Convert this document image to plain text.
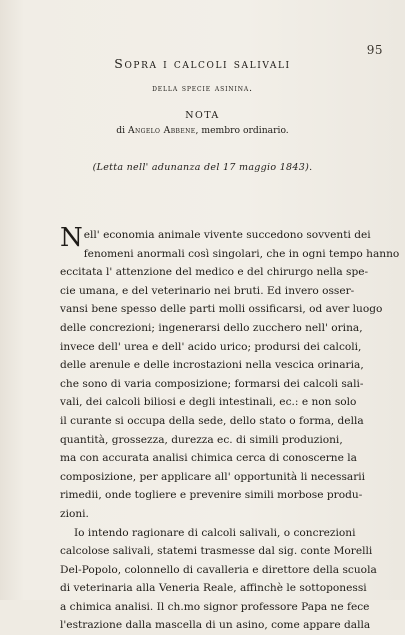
95
Sopra i calcoli salivali
della specie asinina.
NOTA
di Angelo Abbene, membro ordinario.
(Letta nell' adunanza del 17 maggio 1843).
N ell' economia animale vivente succedono sovventi dei
fenomeni anormali così singolari, che in ogni tempo hanno
eccitata l' attenzione del medico e del chirurgo nella spe-
cie umana, e del veterinario nei bruti. Ed invero osser-
vansi bene spesso delle parti molli ossificarsi, od aver luogo
delle concrezioni; ingenerarsi dello zucchero nell' orina,
invece dell' urea e dell' acido urico; prodursi dei calcoli,
delle arenule e delle incrostazioni nella vescica orinaria,
che sono di varia composizione; formarsi dei calcoli sali-
vali, dei calcoli biliosi e degli intestinali, ec.: e non solo
il curante si occupa della sede, dello stato o forma, della
quantità, grossezza, durezza ec. di simili produzioni,
ma con accurata analisi chimica cerca di conoscerne la
composizione, per applicare all' opportunità li necessarii
rimedii, onde togliere e prevenire simili morbose produ-
zioni.
Io intendo ragionare di calcoli salivali, o concrezioni
calcolose salivali, statemi trasmesse dal sig. conte Morelli
Del-Popolo, colonnello di cavalleria e direttore della scuola
di veterinaria alla Veneria Reale, affinchè le sottoponessi
a chimica analisi. Il ch.mo signor professore Papa ne fece
l'estrazione dalla mascella di un asino, come appare dalla
